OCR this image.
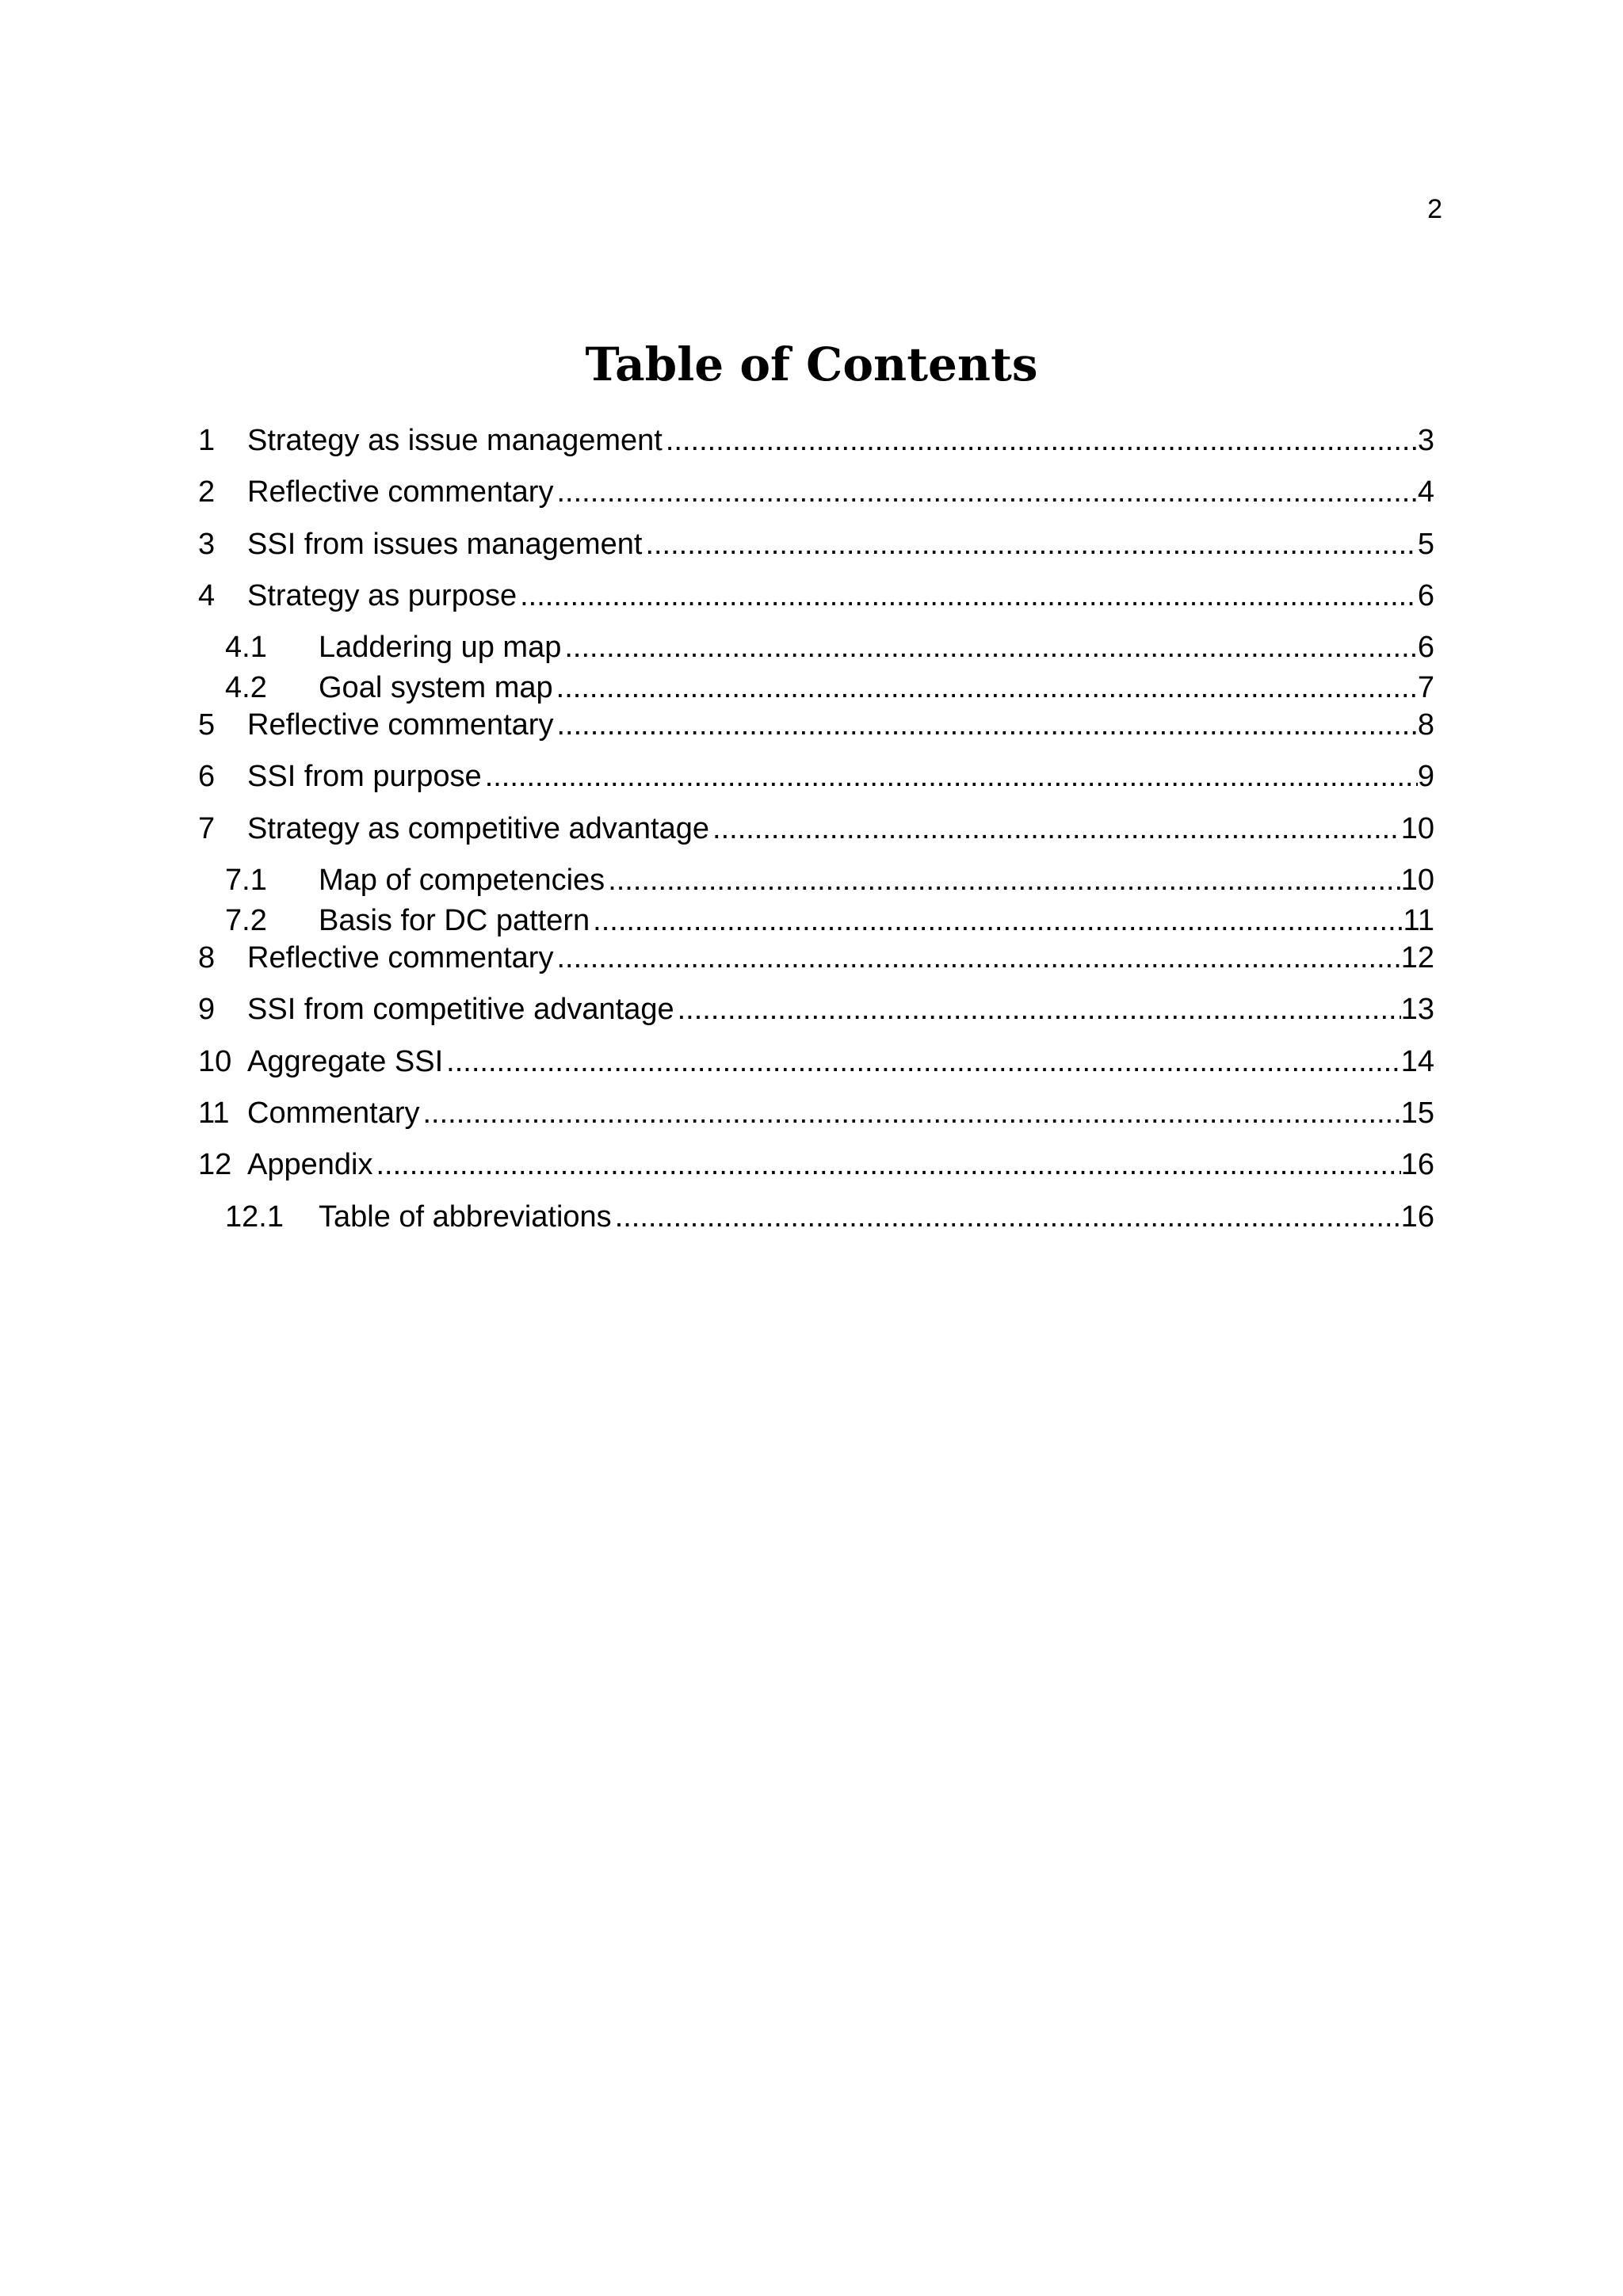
2
Table of Contents
1 Strategy as issue management .....	3
2 Reflective commentary .....	4
3 SSI from issues management .....	5
4 Strategy as purpose .....	6
4.1 Laddering up map .....	6
4.2 Goal system map .....	7
5 Reflective commentary .....	8
6 SSI from purpose .....	9
7 Strategy as competitive advantage .....	10
7.1 Map of competencies .....	10
7.2 Basis for DC pattern .....	11
8 Reflective commentary .....	12
9 SSI from competitive advantage .....	13
10 Aggregate SSI .....	14
11 Commentary .....	15
12 Appendix .....	16
12.1 Table of abbreviations .....	16
